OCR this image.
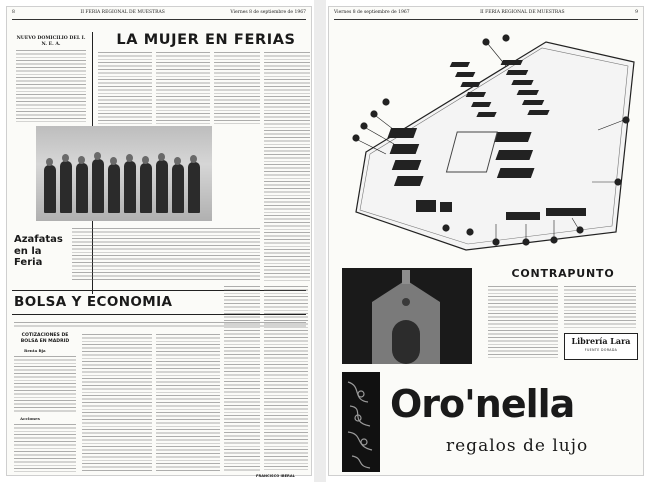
8	II FERIA REGIONAL DE MUESTRAS	Viernes 8 de septiembre de 1967
NUEVO DOMICILIO DEL I. N. E. A.	LA MUJER EN FERIAS
Azafatas en la Feria
BOLSA Y ECONOMIA
COTIZACIONES DE BOLSA EN MADRID
Renta fija
Acciones
FRANCISCO IBERAL
Viernes 8 de septiembre de 1967	II FERIA REGIONAL DE MUESTRAS	9
CONTRAPUNTO
Librería Lara
FUENTE DORADA
Oro'nella
regalos de lujo
